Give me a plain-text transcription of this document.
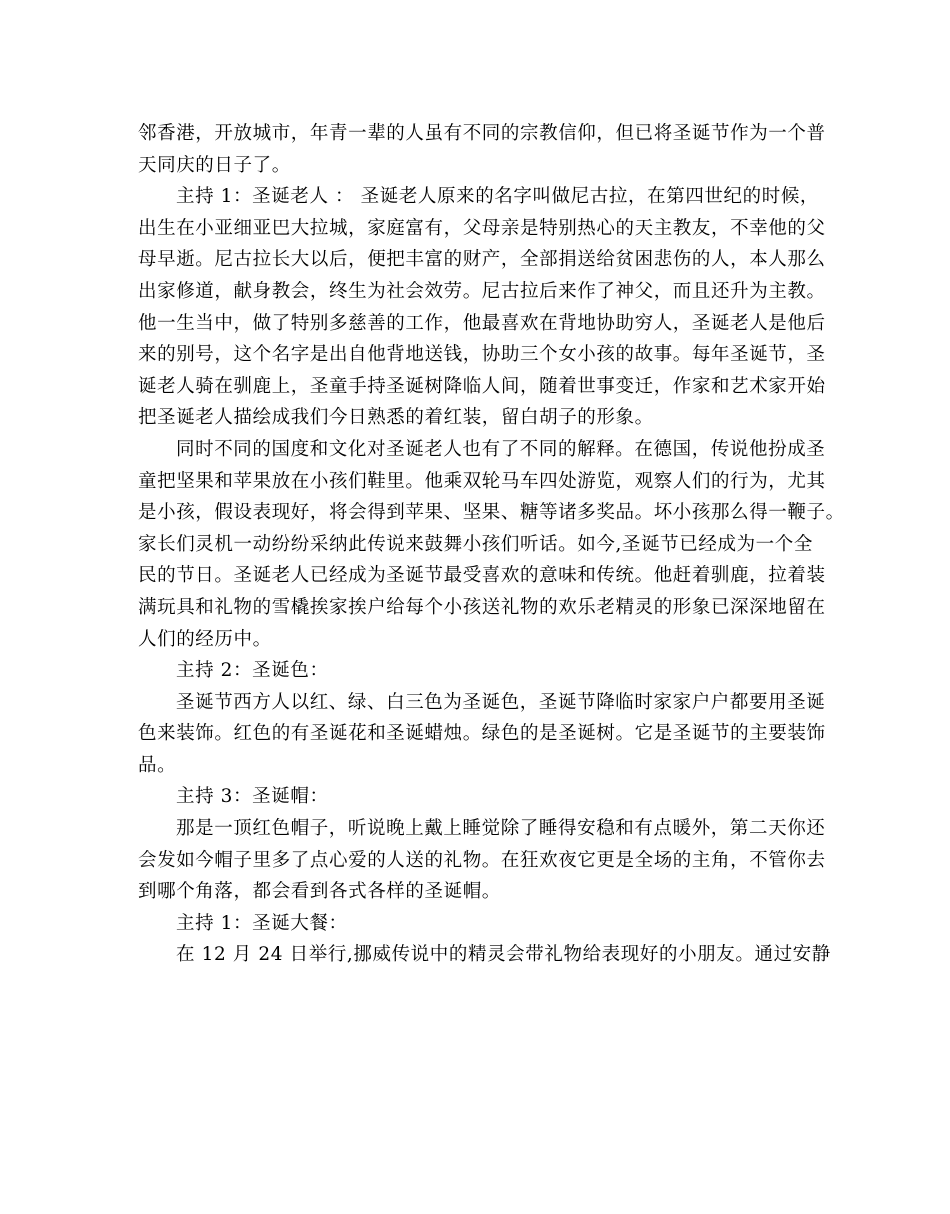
邻香港，开放城市，年青一辈的人虽有不同的宗教信仰，但已将圣诞节作为一个普
天同庆的日子了。
主持 1：圣诞老人 ： 圣诞老人原来的名字叫做尼古拉，在第四世纪的时候，
出生在小亚细亚巴大拉城，家庭富有，父母亲是特别热心的天主教友，不幸他的父
母早逝。尼古拉长大以后，便把丰富的财产，全部捐送给贫困悲伤的人，本人那么
出家修道，献身教会，终生为社会效劳。尼古拉后来作了神父，而且还升为主教。
他一生当中，做了特别多慈善的工作，他最喜欢在背地协助穷人，圣诞老人是他后
来的别号，这个名字是出自他背地送钱，协助三个女小孩的故事。每年圣诞节，圣
诞老人骑在驯鹿上，圣童手持圣诞树降临人间，随着世事变迁，作家和艺术家开始
把圣诞老人描绘成我们今日熟悉的着红装，留白胡子的形象。
同时不同的国度和文化对圣诞老人也有了不同的解释。在德国，传说他扮成圣
童把坚果和苹果放在小孩们鞋里。他乘双轮马车四处游览，观察人们的行为，尤其
是小孩，假设表现好，将会得到苹果、坚果、糖等诸多奖品。坏小孩那么得一鞭子。
家长们灵机一动纷纷采纳此传说来鼓舞小孩们听话。如今,圣诞节已经成为一个全
民的节日。圣诞老人已经成为圣诞节最受喜欢的意味和传统。他赶着驯鹿，拉着装
满玩具和礼物的雪橇挨家挨户给每个小孩送礼物的欢乐老精灵的形象已深深地留在
人们的经历中。
主持 2：圣诞色：
圣诞节西方人以红、绿、白三色为圣诞色，圣诞节降临时家家户户都要用圣诞
色来装饰。红色的有圣诞花和圣诞蜡烛。绿色的是圣诞树。它是圣诞节的主要装饰
品。
主持 3：圣诞帽：
那是一顶红色帽子，听说晚上戴上睡觉除了睡得安稳和有点暖外，第二天你还
会发如今帽子里多了点心爱的人送的礼物。在狂欢夜它更是全场的主角，不管你去
到哪个角落，都会看到各式各样的圣诞帽。
主持 1：圣诞大餐：
在 12 月 24 日举行,挪威传说中的精灵会带礼物给表现好的小朋友。通过安静
